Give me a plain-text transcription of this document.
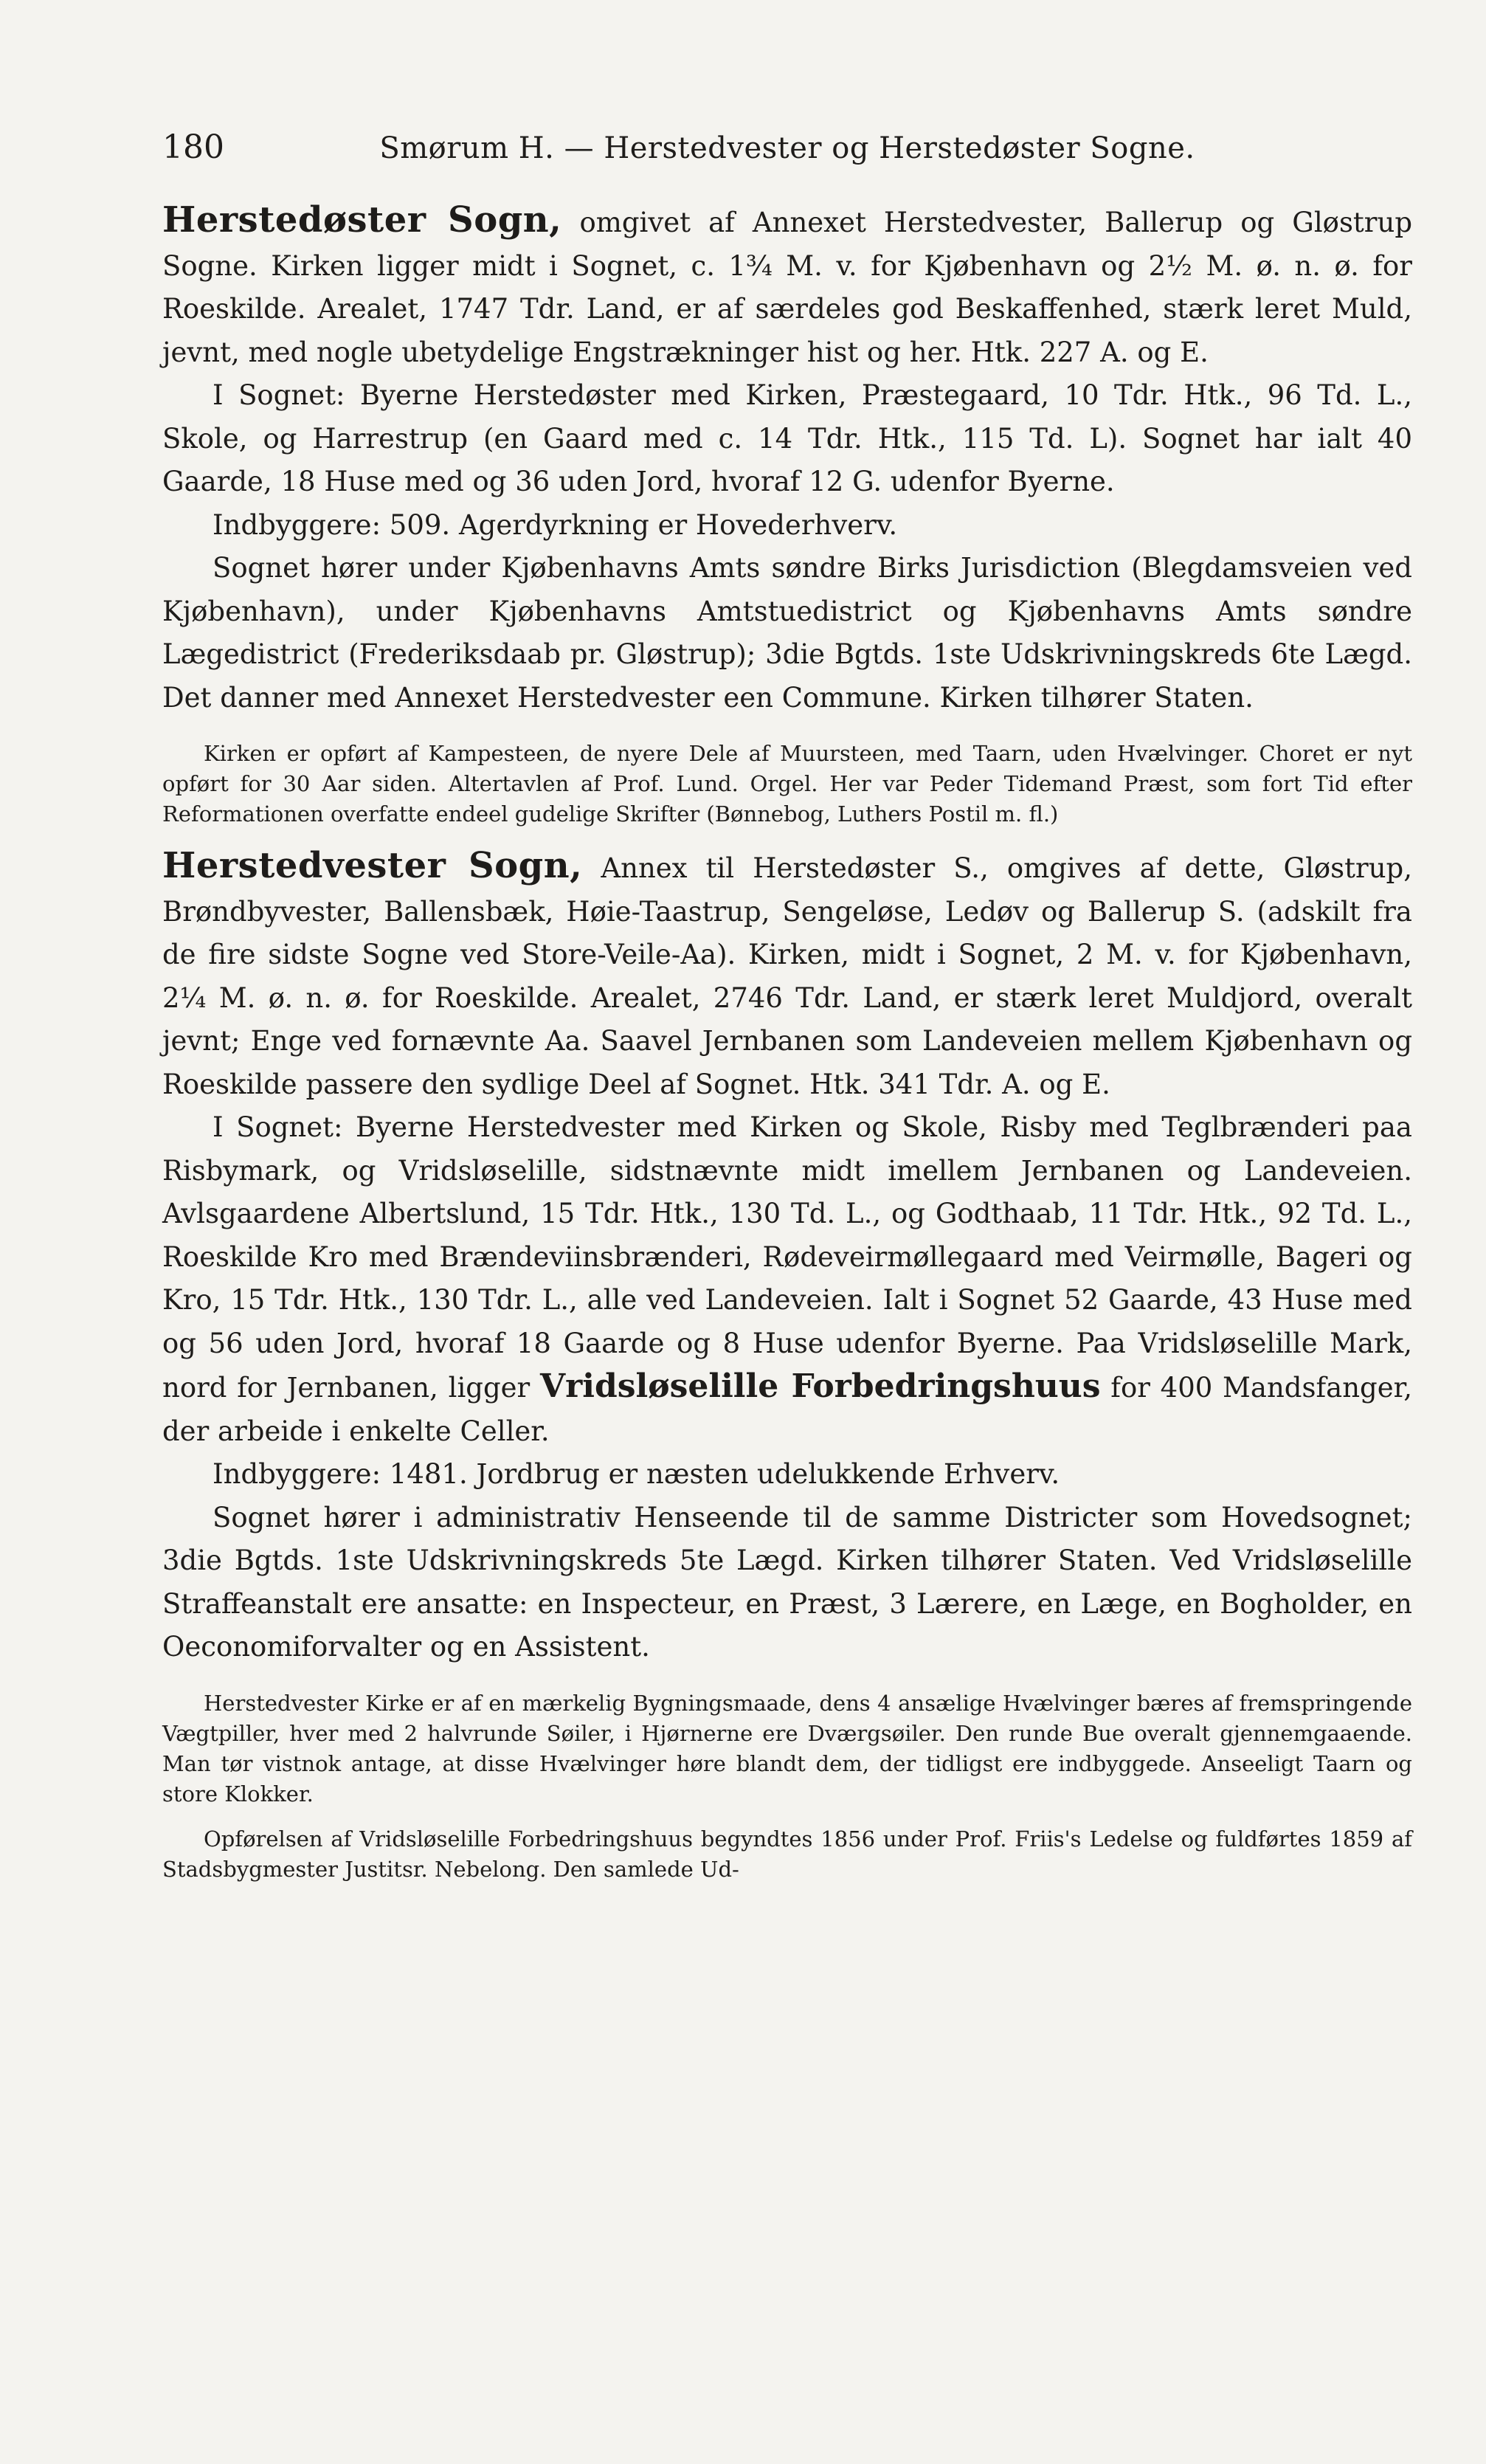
180	Smørum H. — Herstedvester og Herstedøster Sogne.

Herstedøster Sogn, omgivet af Annexet Herstedvester, Ballerup og Gløstrup Sogne. Kirken ligger midt i Sognet, c. 1¾ M. v. for Kjøbenhavn og 2½ M. ø. n. ø. for Roeskilde. Arealet, 1747 Tdr. Land, er af særdeles god Beskaffenhed, stærk leret Muld, jevnt, med nogle ubetydelige Engstrækninger hist og her. Htk. 227 A. og E.

I Sognet: Byerne Herstedøster med Kirken, Præstegaard, 10 Tdr. Htk., 96 Td. L., Skole, og Harrestrup (en Gaard med c. 14 Tdr. Htk., 115 Td. L). Sognet har ialt 40 Gaarde, 18 Huse med og 36 uden Jord, hvoraf 12 G. udenfor Byerne.

Indbyggere: 509. Agerdyrkning er Hovederhverv.

Sognet hører under Kjøbenhavns Amts søndre Birks Jurisdiction (Blegdamsveien ved Kjøbenhavn), under Kjøbenhavns Amtstuedistrict og Kjøbenhavns Amts søndre Lægedistrict (Frederiksdaab pr. Gløstrup); 3die Bgtds. 1ste Udskrivningskreds 6te Lægd. Det danner med Annexet Herstedvester een Commune. Kirken tilhører Staten.

Kirken er opført af Kampesteen, de nyere Dele af Muursteen, med Taarn, uden Hvælvinger. Choret er nyt opført for 30 Aar siden. Altertavlen af Prof. Lund. Orgel. Her var Peder Tidemand Præst, som fort Tid efter Reformationen overfatte endeel gudelige Skrifter (Bønnebog, Luthers Postil m. fl.)

Herstedvester Sogn, Annex til Herstedøster S., omgives af dette, Gløstrup, Brøndbyvester, Ballensbæk, Høie-Taastrup, Sengeløse, Ledøv og Ballerup S. (adskilt fra de fire sidste Sogne ved Store-Veile-Aa). Kirken, midt i Sognet, 2 M. v. for Kjøbenhavn, 2¼ M. ø. n. ø. for Roeskilde. Arealet, 2746 Tdr. Land, er stærk leret Muldjord, overalt jevnt; Enge ved fornævnte Aa. Saavel Jernbanen som Landeveien mellem Kjøbenhavn og Roeskilde passere den sydlige Deel af Sognet. Htk. 341 Tdr. A. og E.

I Sognet: Byerne Herstedvester med Kirken og Skole, Risby med Teglbrænderi paa Risbymark, og Vridsløselille, sidstnævnte midt imellem Jernbanen og Landeveien. Avlsgaardene Albertslund, 15 Tdr. Htk., 130 Td. L., og Godthaab, 11 Tdr. Htk., 92 Td. L., Roeskilde Kro med Brændeviinsbrænderi, Rødeveirmøllegaard med Veirmølle, Bageri og Kro, 15 Tdr. Htk., 130 Tdr. L., alle ved Landeveien. Ialt i Sognet 52 Gaarde, 43 Huse med og 56 uden Jord, hvoraf 18 Gaarde og 8 Huse udenfor Byerne. Paa Vridsløselille Mark, nord for Jernbanen, ligger Vridsløselille Forbedringshuus for 400 Mandsfanger, der arbeide i enkelte Celler.

Indbyggere: 1481. Jordbrug er næsten udelukkende Erhverv.

Sognet hører i administrativ Henseende til de samme Districter som Hovedsognet; 3die Bgtds. 1ste Udskrivningskreds 5te Lægd. Kirken tilhører Staten. Ved Vridsløselille Straffeanstalt ere ansatte: en Inspecteur, en Præst, 3 Lærere, en Læge, en Bogholder, en Oeconomiforvalter og en Assistent.

Herstedvester Kirke er af en mærkelig Bygningsmaade, dens 4 ansælige Hvælvinger bæres af fremspringende Vægtpiller, hver med 2 halvrunde Søiler, i Hjørnerne ere Dværgsøiler. Den runde Bue overalt gjennemgaaende. Man tør vistnok antage, at disse Hvælvinger høre blandt dem, der tidligst ere indbyggede. Anseeligt Taarn og store Klokker.

Opførelsen af Vridsløselille Forbedringshuus begyndtes 1856 under Prof. Friis's Ledelse og fuldførtes 1859 af Stadsbygmester Justitsr. Nebelong. Den samlede Ud-
